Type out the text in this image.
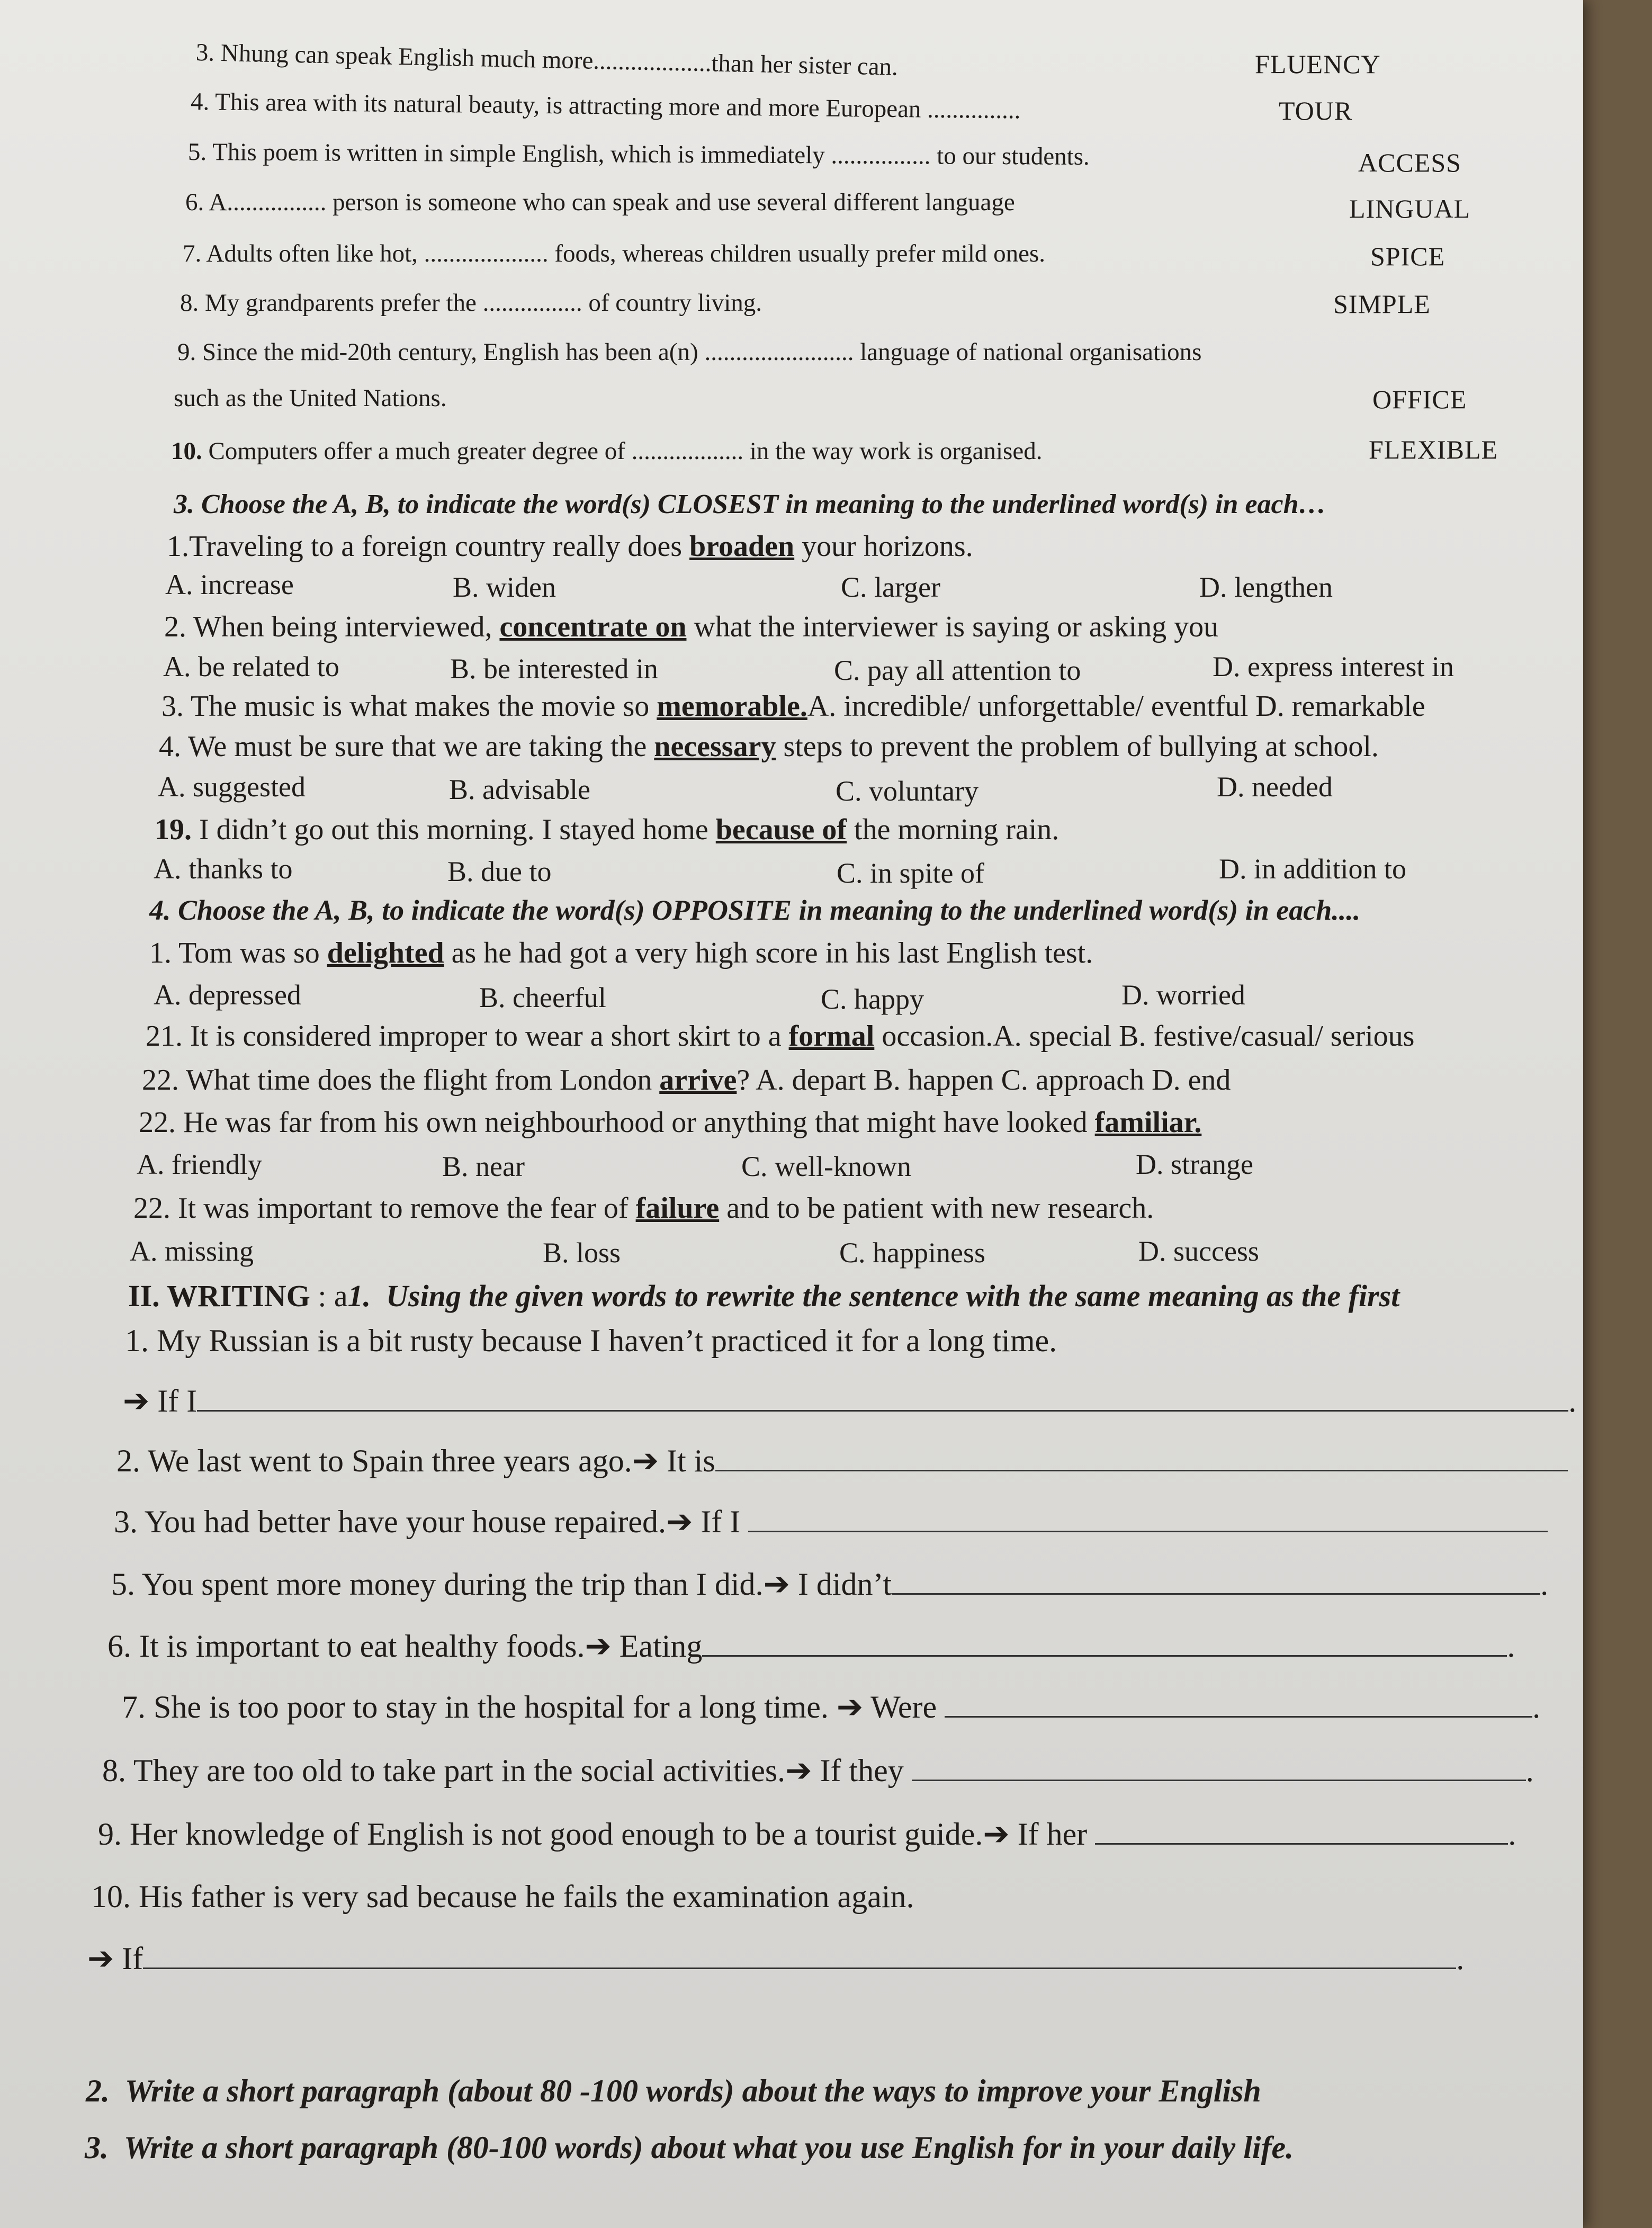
3. Nhung can speak English much more...................than her sister can.	FLUENCY
4. This area with its natural beauty, is attracting more and more European ...............	TOUR
5. This poem is written in simple English, which is immediately ................ to our students.	ACCESS
6. A................ person is someone who can speak and use several different language	LINGUAL
7. Adults often like hot, .................... foods, whereas children usually prefer mild ones.	SPICE
8. My grandparents prefer the ................ of country living.	SIMPLE
9. Since the mid-20th century, English has been a(n) ........................ language of national organisations
such as the United Nations.	OFFICE
10. Computers offer a much greater degree of .................. in the way work is organised.	FLEXIBLE
3. Choose the A, B, to indicate the word(s) CLOSEST in meaning to the underlined word(s) in each…
1.Traveling to a foreign country really does broaden your horizons.
A. increase	B. widen	C. larger	D. lengthen
2. When being interviewed, concentrate on what the interviewer is saying or asking you
A. be related to	B. be interested in	C. pay all attention to	D. express interest in
3. The music is what makes the movie so memorable.A. incredible/ unforgettable/ eventful D. remarkable
4. We must be sure that we are taking the necessary steps to prevent the problem of bullying at school.
A. suggested	B. advisable	C. voluntary	D. needed
19. I didn’t go out this morning. I stayed home because of the morning rain.
A. thanks to	B. due to	C. in spite of	D. in addition to
4. Choose the A, B, to indicate the word(s) OPPOSITE in meaning to the underlined word(s) in each....
1. Tom was so delighted as he had got a very high score in his last English test.
A. depressed	B. cheerful	C. happy	D. worried
21. It is considered improper to wear a short skirt to a formal occasion.A. special B. festive/casual/ serious
22. What time does the flight from London arrive? A. depart B. happen C. approach D. end
22. He was far from his own neighbourhood or anything that might have looked familiar.
A. friendly	B. near	C. well-known	D. strange
22. It was important to remove the fear of failure and to be patient with new research.
A. missing	B. loss	C. happiness	D. success
II. WRITING : a1. Using the given words to rewrite the sentence with the same meaning as the first
1. My Russian is a bit rusty because I haven’t practiced it for a long time.
➔ If I	.
2. We last went to Spain three years ago.➔ It is
3. You had better have your house repaired.➔ If I
5. You spent more money during the trip than I did.➔ I didn’t	.
6. It is important to eat healthy foods.➔ Eating	.
7. She is too poor to stay in the hospital for a long time. ➔ Were	.
8. They are too old to take part in the social activities.➔ If they	.
9. Her knowledge of English is not good enough to be a tourist guide.➔ If her	.
10. His father is very sad because he fails the examination again.
➔ If	.
2. Write a short paragraph (about 80 -100 words) about the ways to improve your English
3. Write a short paragraph (80-100 words) about what you use English for in your daily life.
